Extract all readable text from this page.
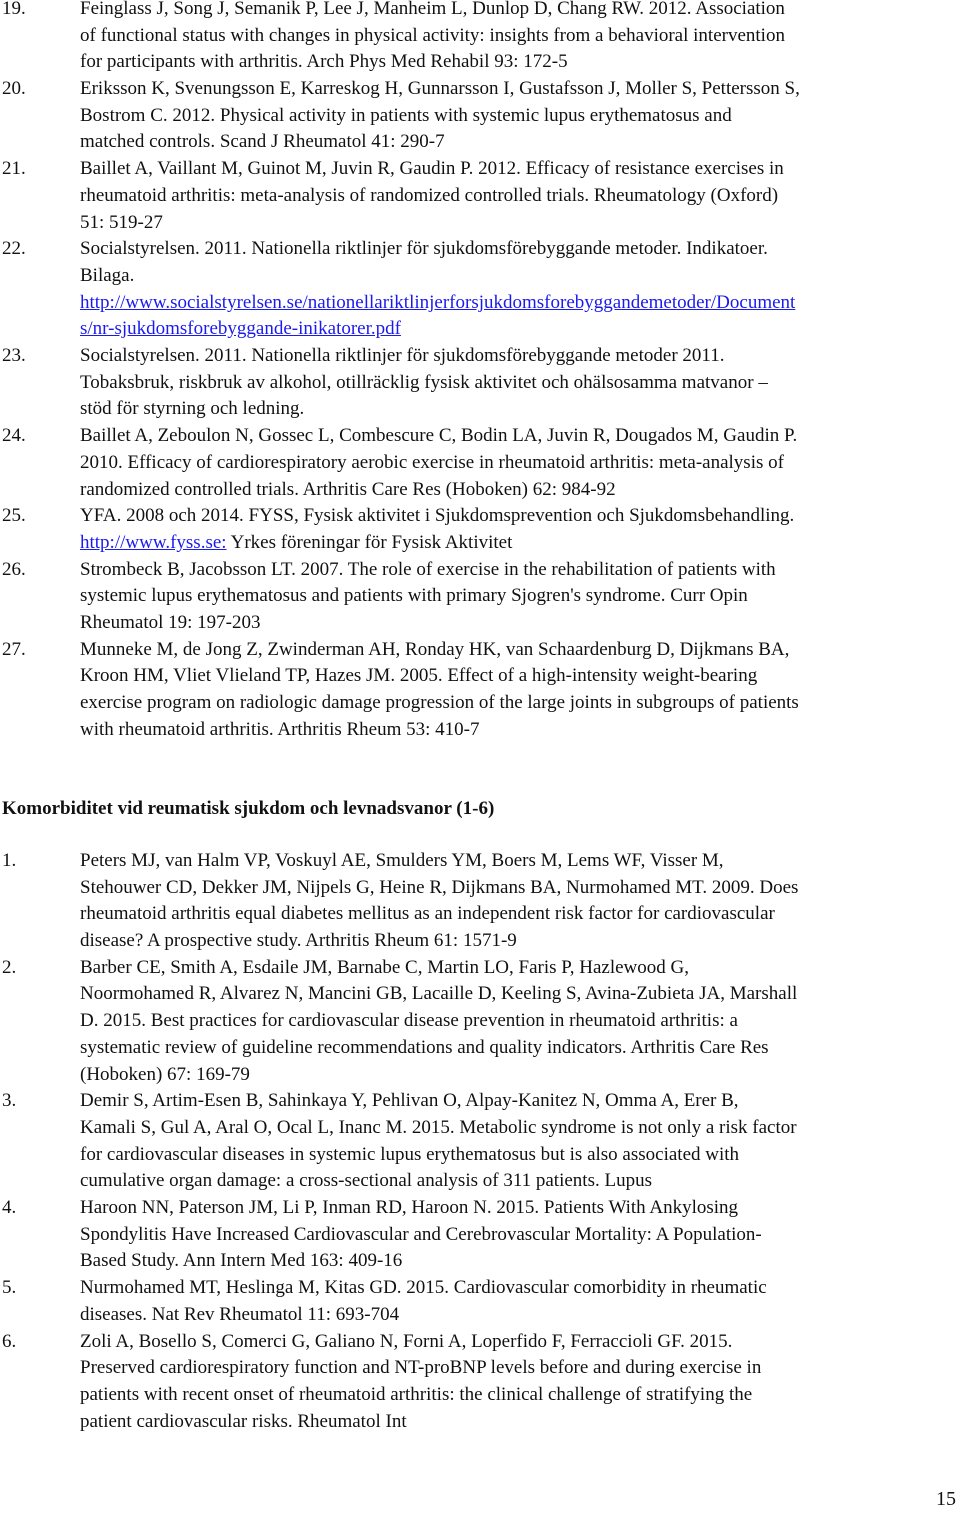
19.	Feinglass J, Song J, Semanik P, Lee J, Manheim L, Dunlop D, Chang RW. 2012. Association
of functional status with changes in physical activity: insights from a behavioral intervention
for participants with arthritis. Arch Phys Med Rehabil 93: 172-5
20.	Eriksson K, Svenungsson E, Karreskog H, Gunnarsson I, Gustafsson J, Moller S, Pettersson S,
Bostrom C. 2012. Physical activity in patients with systemic lupus erythematosus and
matched controls. Scand J Rheumatol 41: 290-7
21.	Baillet A, Vaillant M, Guinot M, Juvin R, Gaudin P. 2012. Efficacy of resistance exercises in
rheumatoid arthritis: meta-analysis of randomized controlled trials. Rheumatology (Oxford)
51: 519-27
22.	Socialstyrelsen. 2011. Nationella riktlinjer för sjukdomsförebyggande metoder. Indikatoer.
Bilaga.
http://www.socialstyrelsen.se/nationellariktlinjerforsjukdomsforebyggandemetoder/Document
s/nr-sjukdomsforebyggande-inikatorer.pdf
23.	Socialstyrelsen. 2011. Nationella riktlinjer för sjukdomsförebyggande metoder 2011.
Tobaksbruk, riskbruk av alkohol, otillräcklig fysisk aktivitet och ohälsosamma matvanor –
stöd för styrning och ledning.
24.	Baillet A, Zeboulon N, Gossec L, Combescure C, Bodin LA, Juvin R, Dougados M, Gaudin P.
2010. Efficacy of cardiorespiratory aerobic exercise in rheumatoid arthritis: meta-analysis of
randomized controlled trials. Arthritis Care Res (Hoboken) 62: 984-92
25.	YFA. 2008 och 2014. FYSS, Fysisk aktivitet i Sjukdomsprevention och Sjukdomsbehandling.
http://www.fyss.se: Yrkes föreningar för Fysisk Aktivitet
26.	Strombeck B, Jacobsson LT. 2007. The role of exercise in the rehabilitation of patients with
systemic lupus erythematosus and patients with primary Sjogren's syndrome. Curr Opin
Rheumatol 19: 197-203
27.	Munneke M, de Jong Z, Zwinderman AH, Ronday HK, van Schaardenburg D, Dijkmans BA,
Kroon HM, Vliet Vlieland TP, Hazes JM. 2005. Effect of a high-intensity weight-bearing
exercise program on radiologic damage progression of the large joints in subgroups of patients
with rheumatoid arthritis. Arthritis Rheum 53: 410-7
Komorbiditet vid reumatisk sjukdom och levnadsvanor (1-6)
1.	Peters MJ, van Halm VP, Voskuyl AE, Smulders YM, Boers M, Lems WF, Visser M,
Stehouwer CD, Dekker JM, Nijpels G, Heine R, Dijkmans BA, Nurmohamed MT. 2009. Does
rheumatoid arthritis equal diabetes mellitus as an independent risk factor for cardiovascular
disease? A prospective study. Arthritis Rheum 61: 1571-9
2.	Barber CE, Smith A, Esdaile JM, Barnabe C, Martin LO, Faris P, Hazlewood G,
Noormohamed R, Alvarez N, Mancini GB, Lacaille D, Keeling S, Avina-Zubieta JA, Marshall
D. 2015. Best practices for cardiovascular disease prevention in rheumatoid arthritis: a
systematic review of guideline recommendations and quality indicators. Arthritis Care Res
(Hoboken) 67: 169-79
3.	Demir S, Artim-Esen B, Sahinkaya Y, Pehlivan O, Alpay-Kanitez N, Omma A, Erer B,
Kamali S, Gul A, Aral O, Ocal L, Inanc M. 2015. Metabolic syndrome is not only a risk factor
for cardiovascular diseases in systemic lupus erythematosus but is also associated with
cumulative organ damage: a cross-sectional analysis of 311 patients. Lupus
4.	Haroon NN, Paterson JM, Li P, Inman RD, Haroon N. 2015. Patients With Ankylosing
Spondylitis Have Increased Cardiovascular and Cerebrovascular Mortality: A Population-
Based Study. Ann Intern Med 163: 409-16
5.	Nurmohamed MT, Heslinga M, Kitas GD. 2015. Cardiovascular comorbidity in rheumatic
diseases. Nat Rev Rheumatol 11: 693-704
6.	Zoli A, Bosello S, Comerci G, Galiano N, Forni A, Loperfido F, Ferraccioli GF. 2015.
Preserved cardiorespiratory function and NT-proBNP levels before and during exercise in
patients with recent onset of rheumatoid arthritis: the clinical challenge of stratifying the
patient cardiovascular risks. Rheumatol Int
15
